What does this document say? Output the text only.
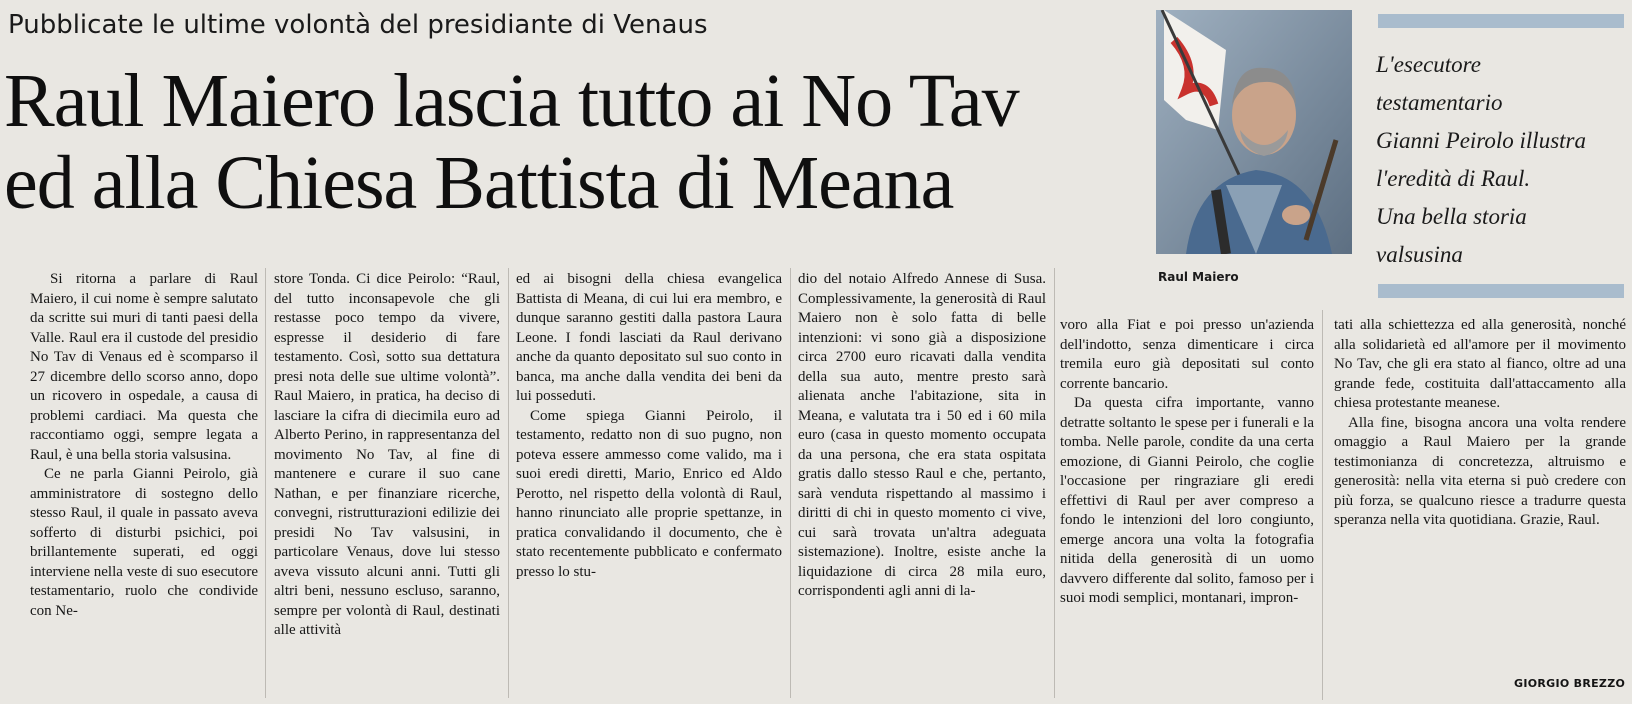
Pubblicate le ultime volontà del presidiante di Venaus
Raul Maiero lascia tutto ai No Tav
ed alla Chiesa Battista di Meana
Raul Maiero
L'esecutore
testamentario
Gianni Peirolo illustra
l'eredità di Raul.
Una bella storia
valsusina

Si ritorna a parlare di Raul Maiero, il cui nome è sempre salutato da scritte sui muri di tanti paesi della Valle. Raul era il custode del presidio No Tav di Venaus ed è scomparso il 27 dicembre dello scorso anno, dopo un ricovero in ospedale, a causa di problemi cardiaci. Ma questa che raccontiamo oggi, sempre legata a Raul, è una bella storia valsusina.

Ce ne parla Gianni Peirolo, già amministratore di sostegno dello stesso Raul, il quale in passato aveva sofferto di disturbi psichici, poi brillantemente superati, ed oggi interviene nella veste di suo esecutore testamentario, ruolo che condivide con Ne-

store Tonda. Ci dice Peirolo: “Raul, del tutto inconsapevole che gli restasse poco tempo da vivere, espresse il desiderio di fare testamento. Così, sotto sua dettatura presi nota delle sue ultime volontà”. Raul Maiero, in pratica, ha deciso di lasciare la cifra di diecimila euro ad Alberto Perino, in rappresentanza del movimento No Tav, al fine di mantenere e curare il suo cane Nathan, e per finanziare ricerche, convegni, ristrutturazioni edilizie dei presidi No Tav valsusini, in particolare Venaus, dove lui stesso aveva vissuto alcuni anni. Tutti gli altri beni, nessuno escluso, saranno, sempre per volontà di Raul, destinati alle attività

ed ai bisogni della chiesa evangelica Battista di Meana, di cui lui era membro, e dunque saranno gestiti dalla pastora Laura Leone. I fondi lasciati da Raul derivano anche da quanto depositato sul suo conto in banca, ma anche dalla vendita dei beni da lui posseduti.

Come spiega Gianni Peirolo, il testamento, redatto non di suo pugno, non poteva essere ammesso come valido, ma i suoi eredi diretti, Mario, Enrico ed Aldo Perotto, nel rispetto della volontà di Raul, hanno rinunciato alle proprie spettanze, in pratica convalidando il documento, che è stato recentemente pubblicato e confermato presso lo stu-

dio del notaio Alfredo Annese di Susa. Complessivamente, la generosità di Raul Maiero non è solo fatta di belle intenzioni: vi sono già a disposizione circa 2700 euro ricavati dalla vendita della sua auto, mentre presto sarà alienata anche l'abitazione, sita in Meana, e valutata tra i 50 ed i 60 mila euro (casa in questo momento occupata da una persona, che era stata ospitata gratis dallo stesso Raul e che, pertanto, sarà venduta rispettando al massimo i diritti di chi in questo momento ci vive, cui sarà trovata un'altra adeguata sistemazione). Inoltre, esiste anche la liquidazione di circa 28 mila euro, corrispondenti agli anni di la-

voro alla Fiat e poi presso un'azienda dell'indotto, senza dimenticare i circa tremila euro già depositati sul conto corrente bancario.

Da questa cifra importante, vanno detratte soltanto le spese per i funerali e la tomba. Nelle parole, condite da una certa emozione, di Gianni Peirolo, che coglie l'occasione per ringraziare gli eredi effettivi di Raul per aver compreso a fondo le intenzioni del loro congiunto, emerge ancora una volta la fotografia nitida della generosità di un uomo davvero differente dal solito, famoso per i suoi modi semplici, montanari, impron-

tati alla schiettezza ed alla generosità, nonché alla solidarietà ed all'amore per il movimento No Tav, che gli era stato al fianco, oltre ad una grande fede, costituita dall'attaccamento alla chiesa protestante meanese.

Alla fine, bisogna ancora una volta rendere omaggio a Raul Maiero per la grande testimonianza di concretezza, altruismo e generosità: nella vita eterna si può credere con più forza, se qualcuno riesce a tradurre questa speranza nella vita quotidiana. Grazie, Raul.

GIORGIO BREZZO
